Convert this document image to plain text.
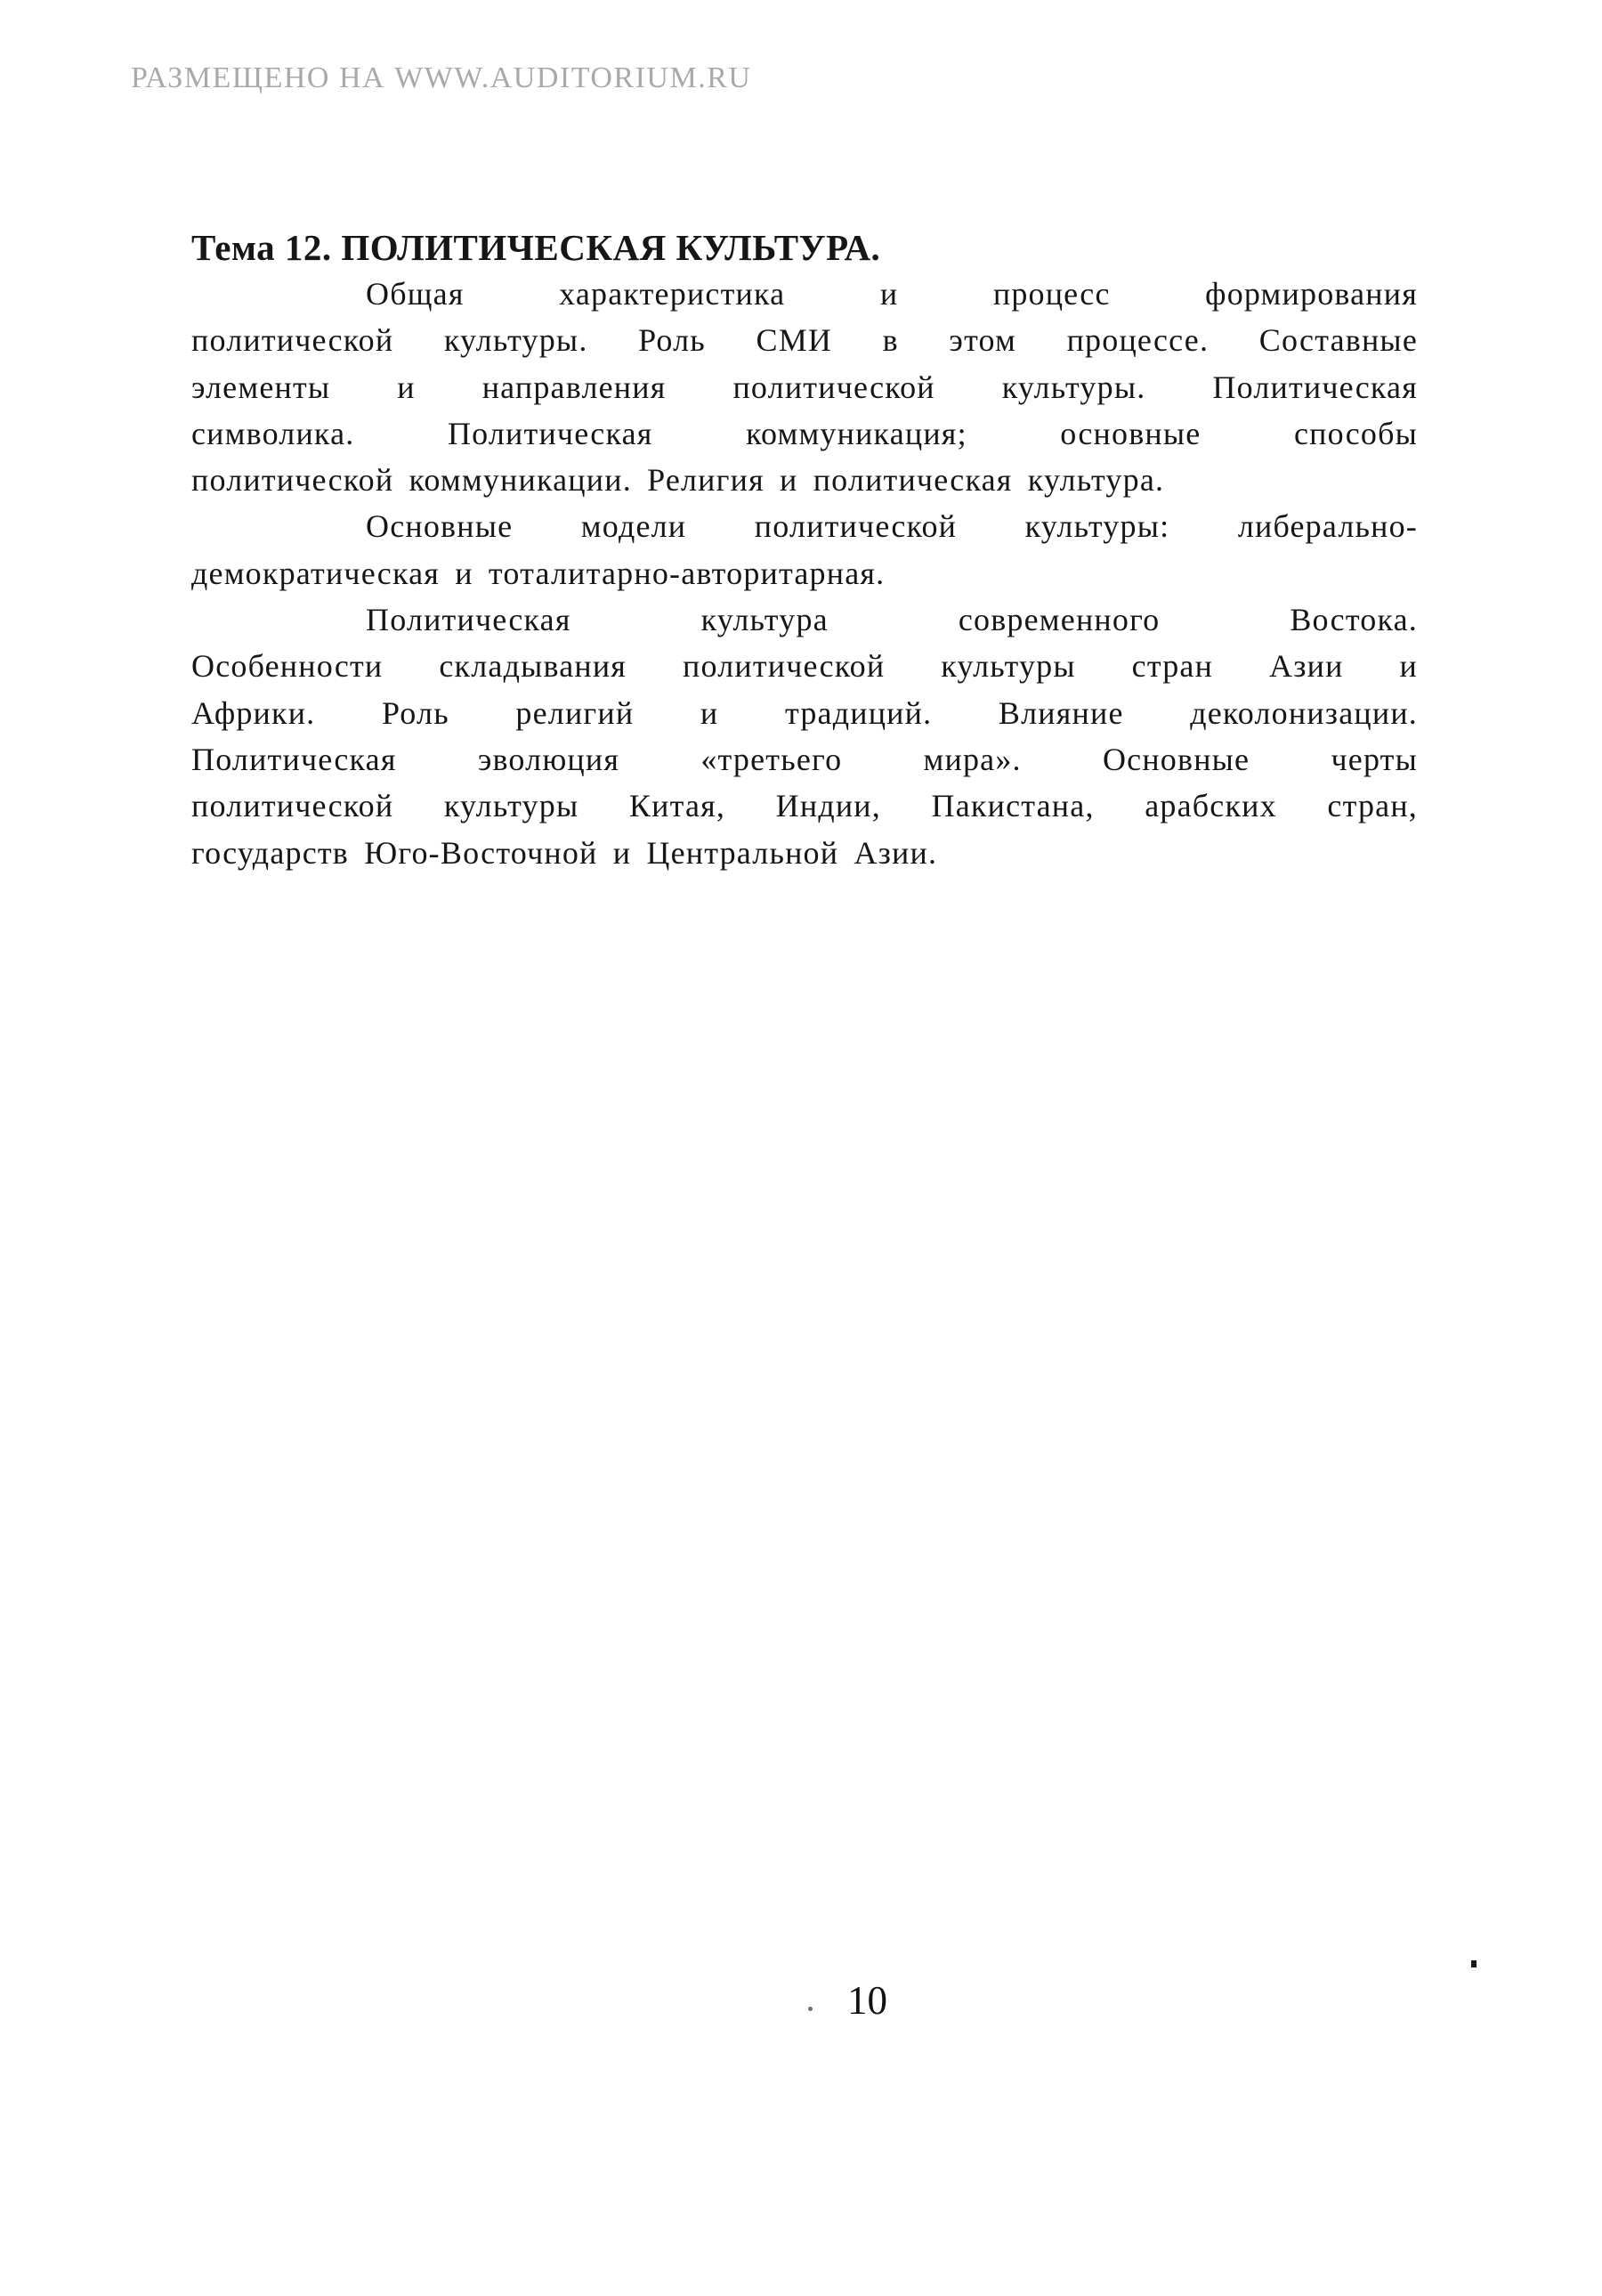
РАЗМЕЩЕНО НА WWW.AUDITORIUM.RU
Тема 12. ПОЛИТИЧЕСКАЯ КУЛЬТУРА.
Общая характеристика и процесс формирования
политической культуры. Роль СМИ в этом процессе. Составные
элементы и направления политической культуры. Политическая
символика. Политическая коммуникация; основные способы
политической коммуникации. Религия и политическая культура.
Основные модели политической культуры: либерально-
демократическая и тоталитарно-авторитарная.
Политическая культура современного Востока.
Особенности складывания политической культуры стран Азии и
Африки. Роль религий и традиций. Влияние деколонизации.
Политическая эволюция «третьего мира». Основные черты
политической культуры Китая, Индии, Пакистана, арабских стран,
государств Юго-Восточной и Центральной Азии.
10
